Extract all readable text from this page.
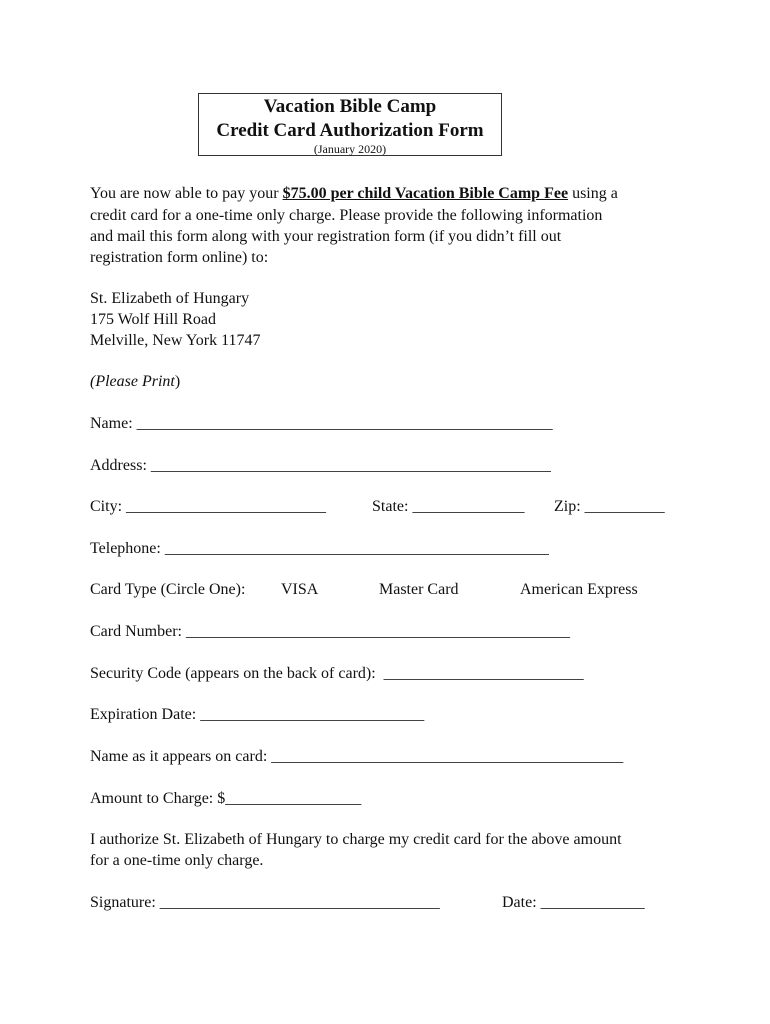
Vacation Bible Camp
Credit Card Authorization Form
(January 2020)
You are now able to pay your $75.00 per child Vacation Bible Camp Fee using a
credit card for a one-time only charge. Please provide the following information
and mail this form along with your registration form (if you didn’t fill out
registration form online) to:
St. Elizabeth of Hungary
175 Wolf Hill Road
Melville, New York 11747
(Please Print)
Name: ____________________________________________________
Address: __________________________________________________
City: _________________________	State: ______________ Zip: __________
Telephone: ________________________________________________
Card Type (Circle One): VISA	Master Card	American Express
Card Number: ________________________________________________
Security Code (appears on the back of card):  _________________________
Expiration Date: ____________________________
Name as it appears on card: ____________________________________________
Amount to Charge: $_________________
I authorize St. Elizabeth of Hungary to charge my credit card for the above amount
for a one-time only charge.
Signature: ___________________________________	Date: _____________
